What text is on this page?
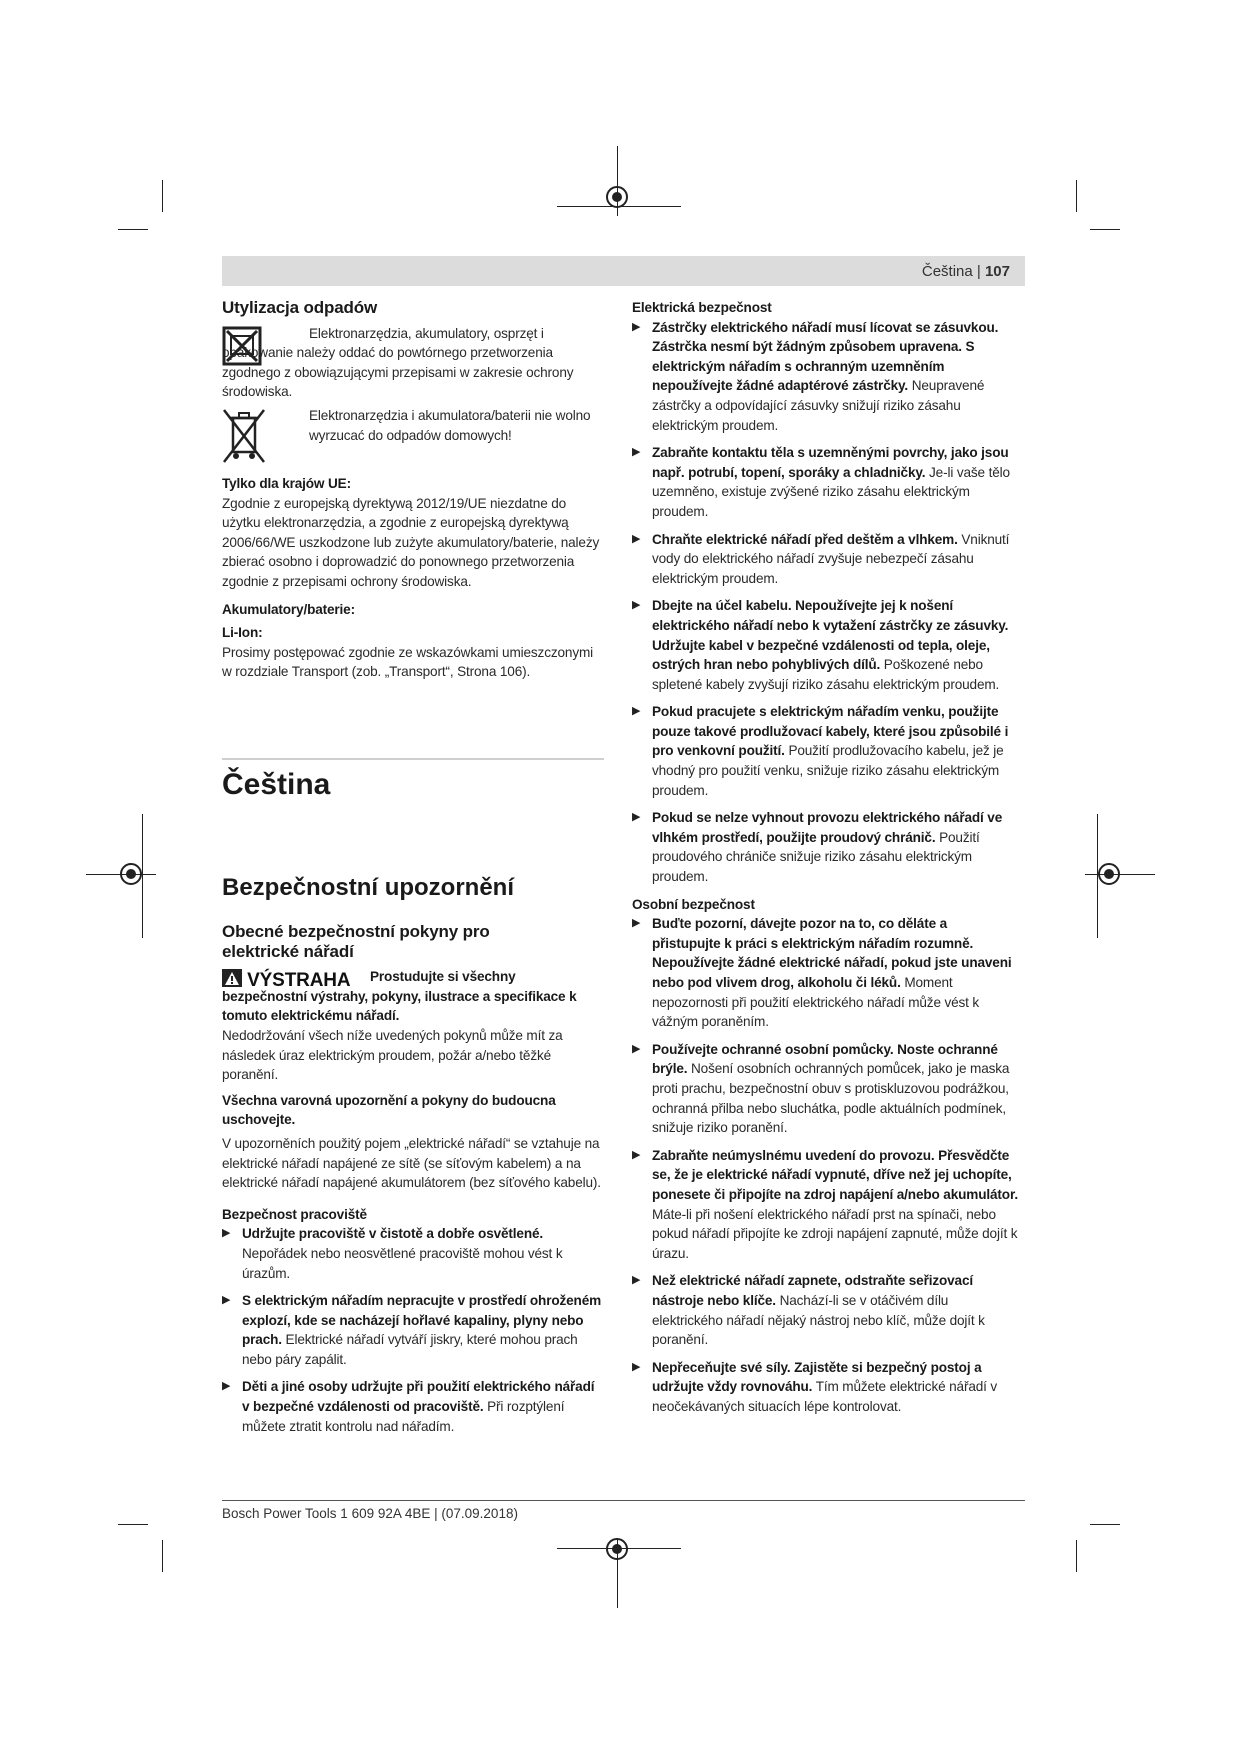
Čeština | 107
Utylizacja odpadów

Elektronarzędzia, akumulatory, osprzęt i opakowanie należy oddać do powtórnego przetworzenia zgodnego z obowiązującymi przepisami w zakresie ochrony środowiska.

Elektronarzędzia i akumulatora/baterii nie wolno wyrzucać do odpadów domowych!

Tylko dla krajów UE:

Zgodnie z europejską dyrektywą 2012/19/UE niezdatne do użytku elektronarzędzia, a zgodnie z europejską dyrektywą 2006/66/WE uszkodzone lub zużyte akumulatory/baterie, należy zbierać osobno i doprowadzić do ponownego przetworzenia zgodnie z przepisami ochrony środowiska.

Akumulatory/baterie:

Li-Ion:

Prosimy postępować zgodnie ze wskazówkami umieszczonymi w rozdziale Transport (zob. „Transport“, Strona 106).

Čeština
Bezpečnostní upozornění
Obecné bezpečnostní pokyny pro elektrické nářadí
VÝSTRAHA	Prostudujte si všechny bezpečnostní výstrahy, pokyny, ilustrace a specifikace k tomuto elektrickému nářadí.

Nedodržování všech níže uvedených pokynů může mít za následek úraz elektrickým proudem, požár a/nebo těžké poranění.

Všechna varovná upozornění a pokyny do budoucna uschovejte.

V upozorněních použitý pojem „elektrické nářadí“ se vztahuje na elektrické nářadí napájené ze sítě (se síťovým kabelem) a na elektrické nářadí napájené akumulátorem (bez síťového kabelu).

Bezpečnost pracoviště

▶ Udržujte pracoviště v čistotě a dobře osvětlené. Nepořádek nebo neosvětlené pracoviště mohou vést k úrazům.
▶ S elektrickým nářadím nepracujte v prostředí ohroženém explozí, kde se nacházejí hořlavé kapaliny, plyny nebo prach. Elektrické nářadí vytváří jiskry, které mohou prach nebo páry zapálit.
▶ Děti a jiné osoby udržujte při použití elektrického nářadí v bezpečné vzdálenosti od pracoviště. Při rozptýlení můžete ztratit kontrolu nad nářadím.

Elektrická bezpečnost

▶ Zástrčky elektrického nářadí musí lícovat se zásuvkou. Zástrčka nesmí být žádným způsobem upravena. S elektrickým nářadím s ochranným uzemněním nepoužívejte žádné adaptérové zástrčky. Neupravené zástrčky a odpovídající zásuvky snižují riziko zásahu elektrickým proudem.
▶ Zabraňte kontaktu těla s uzemněnými povrchy, jako jsou např. potrubí, topení, sporáky a chladničky. Je-li vaše tělo uzemněno, existuje zvýšené riziko zásahu elektrickým proudem.
▶ Chraňte elektrické nářadí před deštěm a vlhkem. Vniknutí vody do elektrického nářadí zvyšuje nebezpečí zásahu elektrickým proudem.
▶ Dbejte na účel kabelu. Nepoužívejte jej k nošení elektrického nářadí nebo k vytažení zástrčky ze zásuvky. Udržujte kabel v bezpečné vzdálenosti od tepla, oleje, ostrých hran nebo pohyblivých dílů. Poškozené nebo spletené kabely zvyšují riziko zásahu elektrickým proudem.
▶ Pokud pracujete s elektrickým nářadím venku, použijte pouze takové prodlužovací kabely, které jsou způsobilé i pro venkovní použití. Použití prodlužovacího kabelu, jež je vhodný pro použití venku, snižuje riziko zásahu elektrickým proudem.
▶ Pokud se nelze vyhnout provozu elektrického nářadí ve vlhkém prostředí, použijte proudový chránič. Použití proudového chrániče snižuje riziko zásahu elektrickým proudem.

Osobní bezpečnost

▶ Buďte pozorní, dávejte pozor na to, co děláte a přistupujte k práci s elektrickým nářadím rozumně. Nepoužívejte žádné elektrické nářadí, pokud jste unaveni nebo pod vlivem drog, alkoholu či léků. Moment nepozornosti při použití elektrického nářadí může vést k vážným poraněním.
▶ Používejte ochranné osobní pomůcky. Noste ochranné brýle. Nošení osobních ochranných pomůcek, jako je maska proti prachu, bezpečnostní obuv s protiskluzovou podrážkou, ochranná přilba nebo sluchátka, podle aktuálních podmínek, snižuje riziko poranění.
▶ Zabraňte neúmyslnému uvedení do provozu. Přesvědčte se, že je elektrické nářadí vypnuté, dříve než jej uchopíte, ponesete či připojíte na zdroj napájení a/nebo akumulátor. Máte-li při nošení elektrického nářadí prst na spínači, nebo pokud nářadí připojíte ke zdroji napájení zapnuté, může dojít k úrazu.
▶ Než elektrické nářadí zapnete, odstraňte seřizovací nástroje nebo klíče. Nachází-li se v otáčivém dílu elektrického nářadí nějaký nástroj nebo klíč, může dojít k poranění.
▶ Nepřeceňujte své síly. Zajistěte si bezpečný postoj a udržujte vždy rovnováhu. Tím můžete elektrické nářadí v neočekávaných situacích lépe kontrolovat.
Bosch Power Tools 1 609 92A 4BE | (07.09.2018)
